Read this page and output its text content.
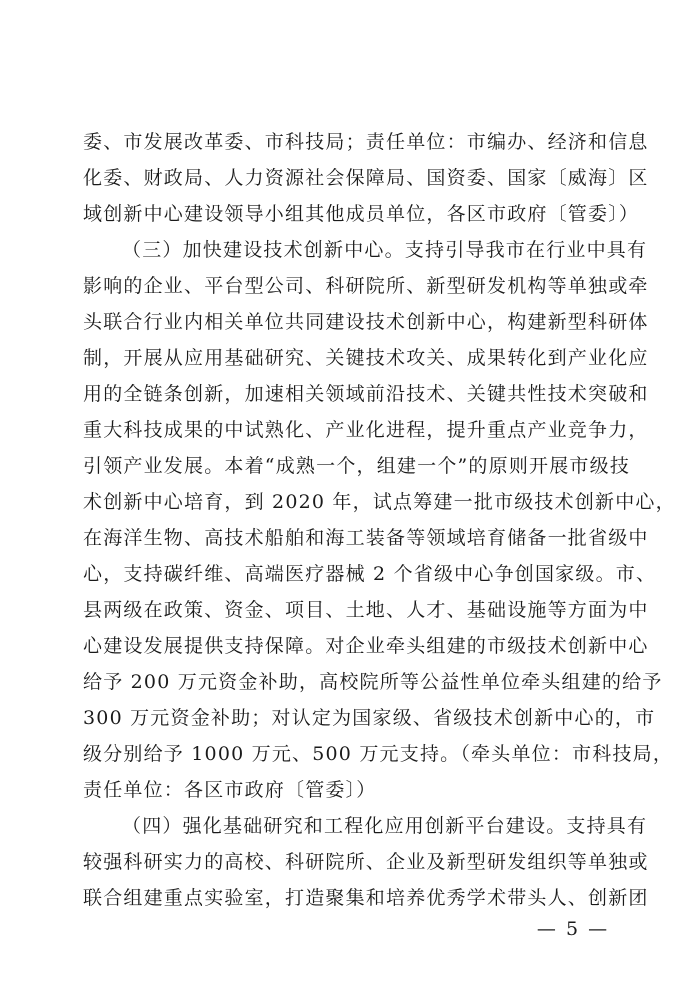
委、市发展改革委、市科技局；责任单位：市编办、经济和信息
化委、财政局、人力资源社会保障局、国资委、国家〔威海〕区
域创新中心建设领导小组其他成员单位，各区市政府〔管委〕）
（三）加快建设技术创新中心。支持引导我市在行业中具有
影响的企业、平台型公司、科研院所、新型研发机构等单独或牵
头联合行业内相关单位共同建设技术创新中心，构建新型科研体
制，开展从应用基础研究、关键技术攻关、成果转化到产业化应
用的全链条创新，加速相关领域前沿技术、关键共性技术突破和
重大科技成果的中试熟化、产业化进程，提升重点产业竞争力，
引领产业发展。本着“成熟一个，组建一个”的原则开展市级技
术创新中心培育，到 2020 年，试点筹建一批市级技术创新中心，
在海洋生物、高技术船舶和海工装备等领域培育储备一批省级中
心，支持碳纤维、高端医疗器械 2 个省级中心争创国家级。市、
县两级在政策、资金、项目、土地、人才、基础设施等方面为中
心建设发展提供支持保障。对企业牵头组建的市级技术创新中心
给予 200 万元资金补助，高校院所等公益性单位牵头组建的给予
300 万元资金补助；对认定为国家级、省级技术创新中心的，市
级分别给予 1000 万元、500 万元支持。（牵头单位：市科技局，
责任单位：各区市政府〔管委〕）
（四）强化基础研究和工程化应用创新平台建设。支持具有
较强科研实力的高校、科研院所、企业及新型研发组织等单独或
联合组建重点实验室，打造聚集和培养优秀学术带头人、创新团
— 5 —
